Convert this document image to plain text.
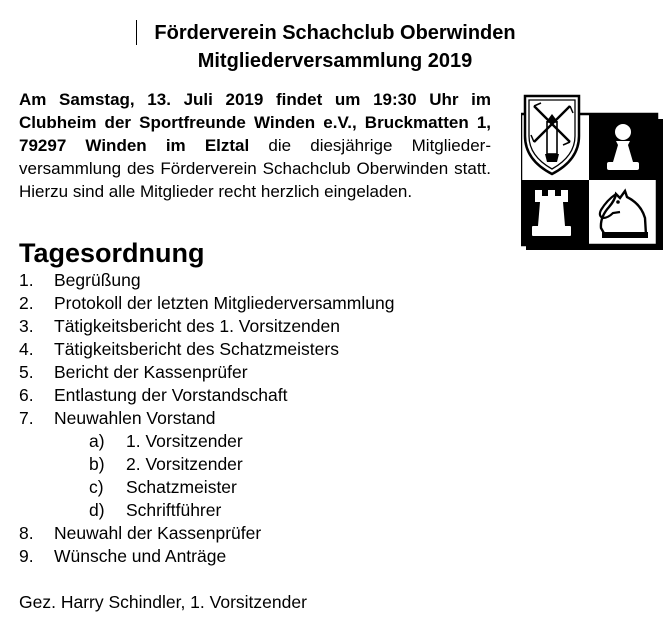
Förderverein Schachclub Oberwinden
Mitgliederversammlung 2019
Am Samstag, 13. Juli 2019 findet um 19:30 Uhr im Clubheim der Sportfreunde Winden e.V., Bruckmatten 1, 79297 Winden im Elztal die diesjährige Mitglieder-versammlung des Förderverein Schachclub Oberwinden statt. Hierzu sind alle Mitglieder recht herzlich eingeladen.
Tagesordnung
1. Begrüßung
2. Protokoll der letzten Mitgliederversammlung
3. Tätigkeitsbericht des 1. Vorsitzenden
4. Tätigkeitsbericht des Schatzmeisters
5. Bericht der Kassenprüfer
6. Entlastung der Vorstandschaft
7. Neuwahlen Vorstand
a) 1. Vorsitzender
b) 2. Vorsitzender
c) Schatzmeister
d) Schriftführer
8. Neuwahl der Kassenprüfer
9. Wünsche und Anträge
Gez. Harry Schindler, 1. Vorsitzender
